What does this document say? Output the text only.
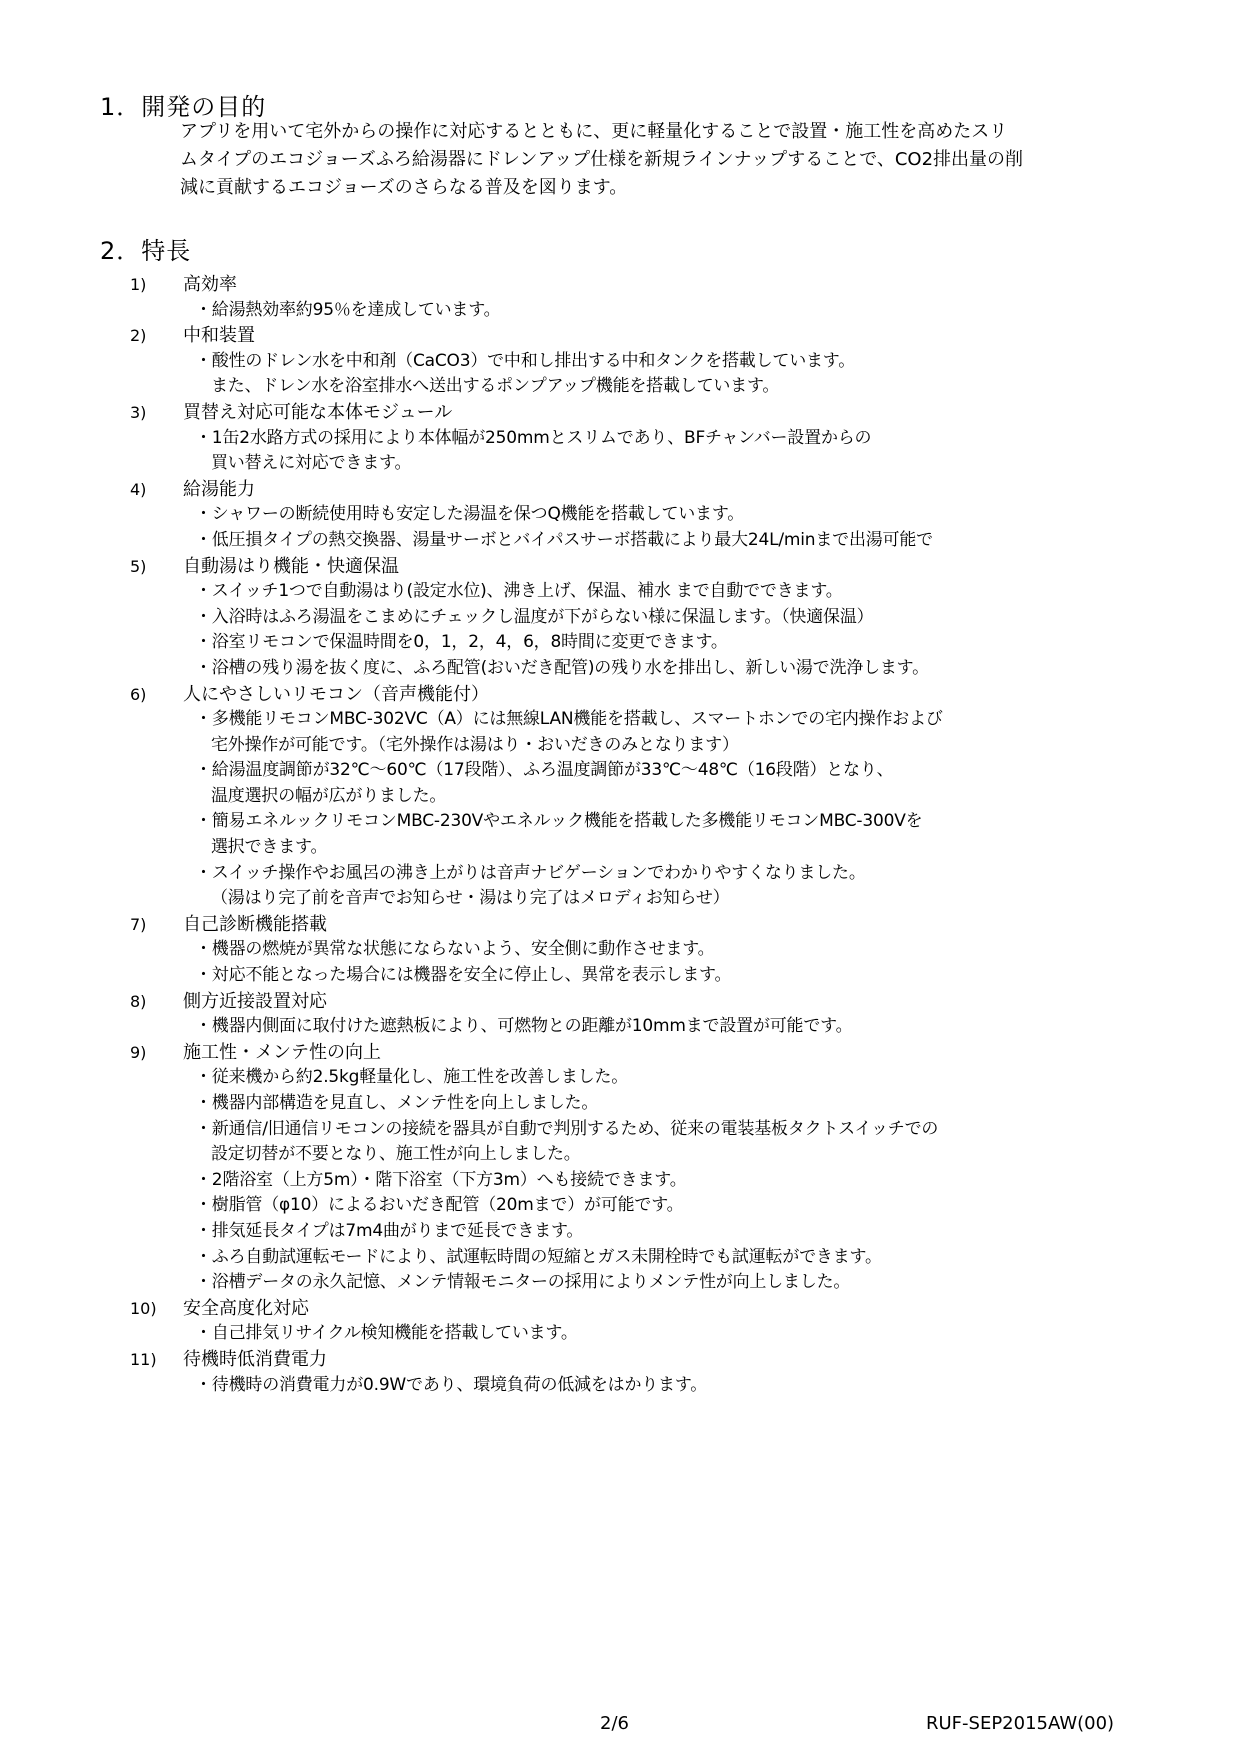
1．開発の目的
アプリを用いて宅外からの操作に対応するとともに、更に軽量化することで設置・施工性を高めたスリ
ムタイプのエコジョーズふろ給湯器にドレンアップ仕様を新規ラインナップすることで、CO2排出量の削
減に貢献するエコジョーズのさらなる普及を図ります。
2．特長
1)	高効率
・給湯熱効率約95％を達成しています。
2)	中和装置
・酸性のドレン水を中和剤（CaCO3）で中和し排出する中和タンクを搭載しています。
また、ドレン水を浴室排水へ送出するポンプアップ機能を搭載しています。
3)	買替え対応可能な本体モジュール
・1缶2水路方式の採用により本体幅が250mmとスリムであり、BFチャンバー設置からの
買い替えに対応できます。
4)	給湯能力
・シャワーの断続使用時も安定した湯温を保つQ機能を搭載しています。
・低圧損タイプの熱交換器、湯量サーボとバイパスサーボ搭載により最大24L/minまで出湯可能で
5)	自動湯はり機能・快適保温
・スイッチ1つで自動湯はり(設定水位)、沸き上げ、保温、補水 まで自動でできます。
・入浴時はふろ湯温をこまめにチェックし温度が下がらない様に保温します。（快適保温）
・浴室リモコンで保温時間を0，1，2，4，6，8時間に変更できます。
・浴槽の残り湯を抜く度に、ふろ配管(おいだき配管)の残り水を排出し、新しい湯で洗浄します。
6)	人にやさしいリモコン（音声機能付）
・多機能リモコンMBC-302VC（A）には無線LAN機能を搭載し、スマートホンでの宅内操作および
宅外操作が可能です。（宅外操作は湯はり・おいだきのみとなります）
・給湯温度調節が32℃～60℃（17段階）、ふろ温度調節が33℃～48℃（16段階）となり、
温度選択の幅が広がりました。
・簡易エネルックリモコンMBC-230Vやエネルック機能を搭載した多機能リモコンMBC-300Vを
選択できます。
・スイッチ操作やお風呂の沸き上がりは音声ナビゲーションでわかりやすくなりました。
（湯はり完了前を音声でお知らせ・湯はり完了はメロディお知らせ）
7)	自己診断機能搭載
・機器の燃焼が異常な状態にならないよう、安全側に動作させます。
・対応不能となった場合には機器を安全に停止し、異常を表示します。
8)	側方近接設置対応
・機器内側面に取付けた遮熱板により、可燃物との距離が10mmまで設置が可能です。
9)	施工性・メンテ性の向上
・従来機から約2.5kg軽量化し、施工性を改善しました。
・機器内部構造を見直し、メンテ性を向上しました。
・新通信/旧通信リモコンの接続を器具が自動で判別するため、従来の電装基板タクトスイッチでの
設定切替が不要となり、施工性が向上しました。
・2階浴室（上方5m）・階下浴室（下方3m）へも接続できます。
・樹脂管（φ10）によるおいだき配管（20mまで）が可能です。
・排気延長タイプは7m4曲がりまで延長できます。
・ふろ自動試運転モードにより、試運転時間の短縮とガス未開栓時でも試運転ができます。
・浴槽データの永久記憶、メンテ情報モニターの採用によりメンテ性が向上しました。
10)	安全高度化対応
・自己排気リサイクル検知機能を搭載しています。
11)	待機時低消費電力
・待機時の消費電力が0.9Wであり、環境負荷の低減をはかります。
2/6	RUF-SEP2015AW(00)
